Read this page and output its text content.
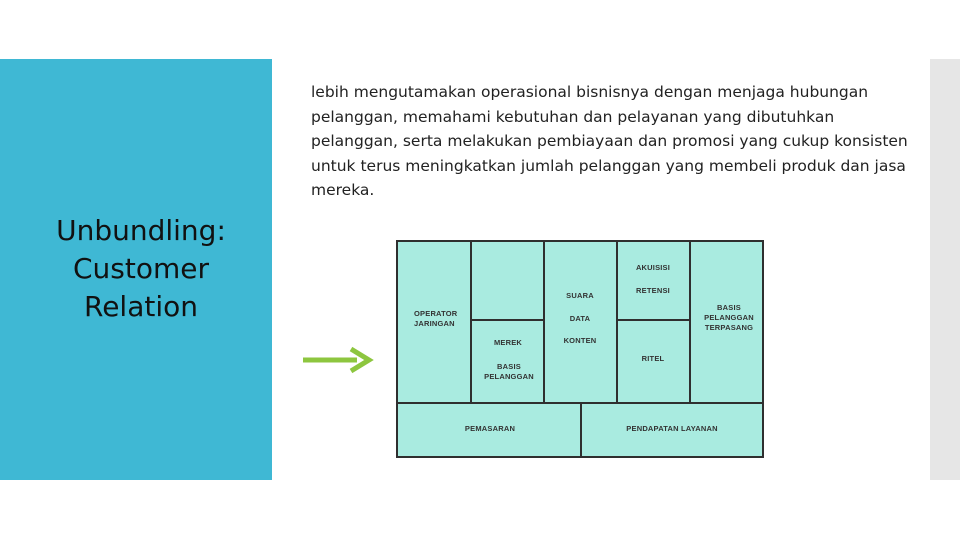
Unbundling:
Customer
Relation
lebih mengutamakan operasional bisnisnya dengan menjaga hubungan pelanggan, memahami kebutuhan dan pelayanan yang dibutuhkan pelanggan, serta melakukan pembiayaan dan promosi yang cukup konsisten untuk terus meningkatkan jumlah pelanggan yang membeli produk dan jasa mereka.
OPERATOR JARINGAN
MEREK
BASIS PELANGGAN
SUARA
DATA
KONTEN
AKUISISI
RETENSI
RITEL
BASIS PELANGGAN TERPASANG
PEMASARAN	PENDAPATAN LAYANAN
